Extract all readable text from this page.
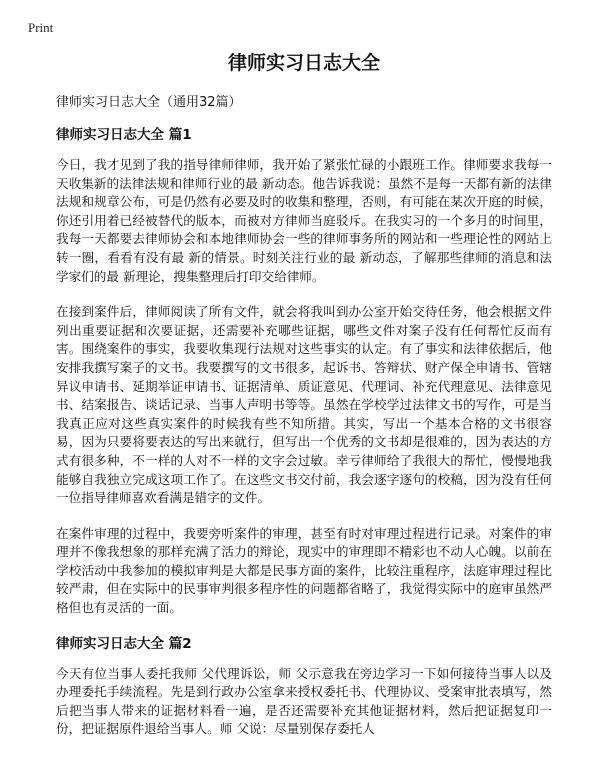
Print
律师实习日志大全
律师实习日志大全（通用32篇）
律师实习日志大全 篇1

今日，我才见到了我的指导律师律师，我开始了紧张忙碌的小跟班工作。律师要求我每一天收集新的法律法规和律师行业的最 新动态。他告诉我说：虽然不是每一天都有新的法律法规和规章公布，可是仍然有必要及时的收集和整理，否则，有可能在某次开庭的时候，你还引用着已经被替代的版本，而被对方律师当庭驳斥。在我实习的一个多月的时间里，我每一天都要去律师协会和本地律师协会一些的律师事务所的网站和一些理论性的网站上转一圈，看看有没有最 新的情景。时刻关注行业的最 新动态，了解那些律师的消息和法学家们的最 新理论，搜集整理后打印交给律师。

在接到案件后，律师阅读了所有文件，就会将我叫到办公室开始交待任务，他会根据文件列出重要证据和次要证据，还需要补充哪些证据，哪些文件对案子没有任何帮忙反而有害。围绕案件的事实，我要收集现行法规对这些事实的认定。有了事实和法律依据后，他安排我撰写案子的文书。我要撰写的文书很多，起诉书、答辩状、财产保全申请书、管辖异议申请书、延期举证申请书、证据清单、质证意见、代理词、补充代理意见、法律意见书、结案报告、谈话记录、当事人声明书等等。虽然在学校学过法律文书的写作，可是当我真正应对这些真实案件的时候我有些不知所措。其实，写出一个基本合格的文书很容易，因为只要将要表达的写出来就行，但写出一个优秀的文书却是很难的，因为表达的方式有很多种，不一样的人对不一样的文字会过敏。幸亏律师给了我很大的帮忙，慢慢地我能够自我独立完成这项工作了。在这些文书交付前，我会逐字逐句的校稿，因为没有任何一位指导律师喜欢看满是错字的文件。

在案件审理的过程中，我要旁听案件的审理，甚至有时对审理过程进行记录。对案件的审理并不像我想象的那样充满了活力的辩论，现实中的审理即不精彩也不动人心魄。以前在学校活动中我参加的模拟审判是大都是民事方面的案件，比较注重程序，法庭审理过程比较严肃，但在实际中的民事审判很多程序性的问题都省略了，我觉得实际中的庭审虽然严格但也有灵活的一面。

律师实习日志大全 篇2

今天有位当事人委托我师 父代理诉讼，师 父示意我在旁边学习一下如何接待当事人以及办理委托手续流程。先是到行政办公室拿来授权委托书、代理协议、受案审批表填写，然后把当事人带来的证据材料看一遍，是否还需要补充其他证据材料，然后把证据复印一份，把证据原件退给当事人。师 父说：尽量别保存委托人
